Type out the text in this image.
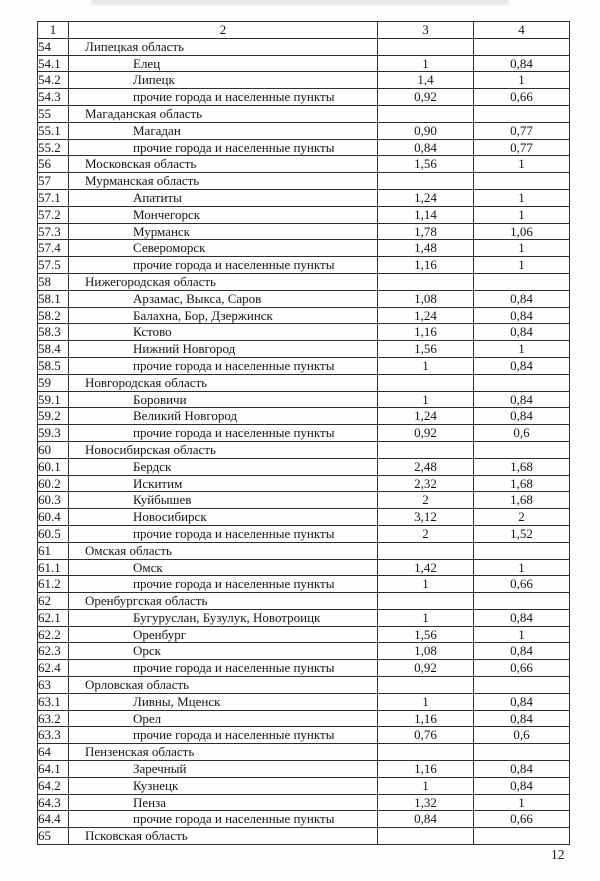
1	2	3	4
54	Липецкая область		
54.1	Елец	1	0,84
54.2	Липецк	1,4	1
54.3	прочие города и населенные пункты	0,92	0,66
55	Магаданская область		
55.1	Магадан	0,90	0,77
55.2	прочие города и населенные пункты	0,84	0,77
56	Московская область	1,56	1
57	Мурманская область		
57.1	Апатиты	1,24	1
57.2	Мончегорск	1,14	1
57.3	Мурманск	1,78	1,06
57.4	Североморск	1,48	1
57.5	прочие города и населенные пункты	1,16	1
58	Нижегородская область		
58.1	Арзамас, Выкса, Саров	1,08	0,84
58.2	Балахна, Бор, Дзержинск	1,24	0,84
58.3	Кстово	1,16	0,84
58.4	Нижний Новгород	1,56	1
58.5	прочие города и населенные пункты	1	0,84
59	Новгородская область		
59.1	Боровичи	1	0,84
59.2	Великий Новгород	1,24	0,84
59.3	прочие города и населенные пункты	0,92	0,6
60	Новосибирская область		
60.1	Бердск	2,48	1,68
60.2	Искитим	2,32	1,68
60.3	Куйбышев	2	1,68
60.4	Новосибирск	3,12	2
60.5	прочие города и населенные пункты	2	1,52
61	Омская область		
61.1	Омск	1,42	1
61.2	прочие города и населенные пункты	1	0,66
62	Оренбургская область		
62.1	Бугуруслан, Бузулук, Новотроицк	1	0,84
62.2	Оренбург	1,56	1
62.3	Орск	1,08	0,84
62.4	прочие города и населенные пункты	0,92	0,66
63	Орловская область		
63.1	Ливны, Мценск	1	0,84
63.2	Орел	1,16	0,84
63.3	прочие города и населенные пункты	0,76	0,6
64	Пензенская область		
64.1	Заречный	1,16	0,84
64.2	Кузнецк	1	0,84
64.3	Пенза	1,32	1
64.4	прочие города и населенные пункты	0,84	0,66
65	Псковская область		
12
